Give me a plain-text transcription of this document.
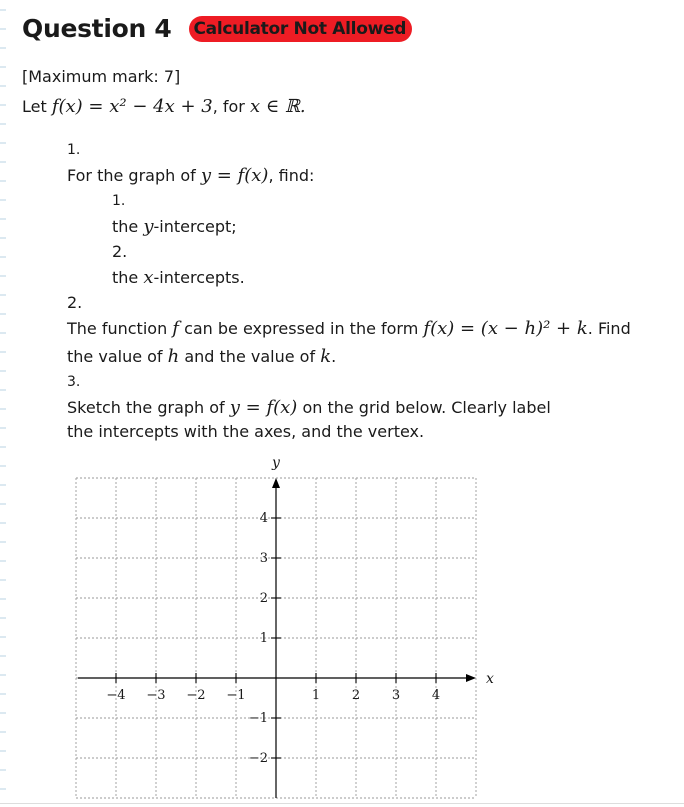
Question 4 Calculator Not Allowed
[Maximum mark: 7]
Let f(x) = x² − 4x + 3, for x ∈ ℝ.
1.
For the graph of y = f(x), find:
1.
the y-intercept;
2.
the x-intercepts.
2.
The function f can be expressed in the form f(x) = (x − h)² + k. Find
the value of h and the value of k.
3.
Sketch the graph of y = f(x) on the grid below. Clearly label
the intercepts with the axes, and the vertex.
x
y
−4 −3 −2 −1	1 2 3 4
−2
−1
1
2
3
4
